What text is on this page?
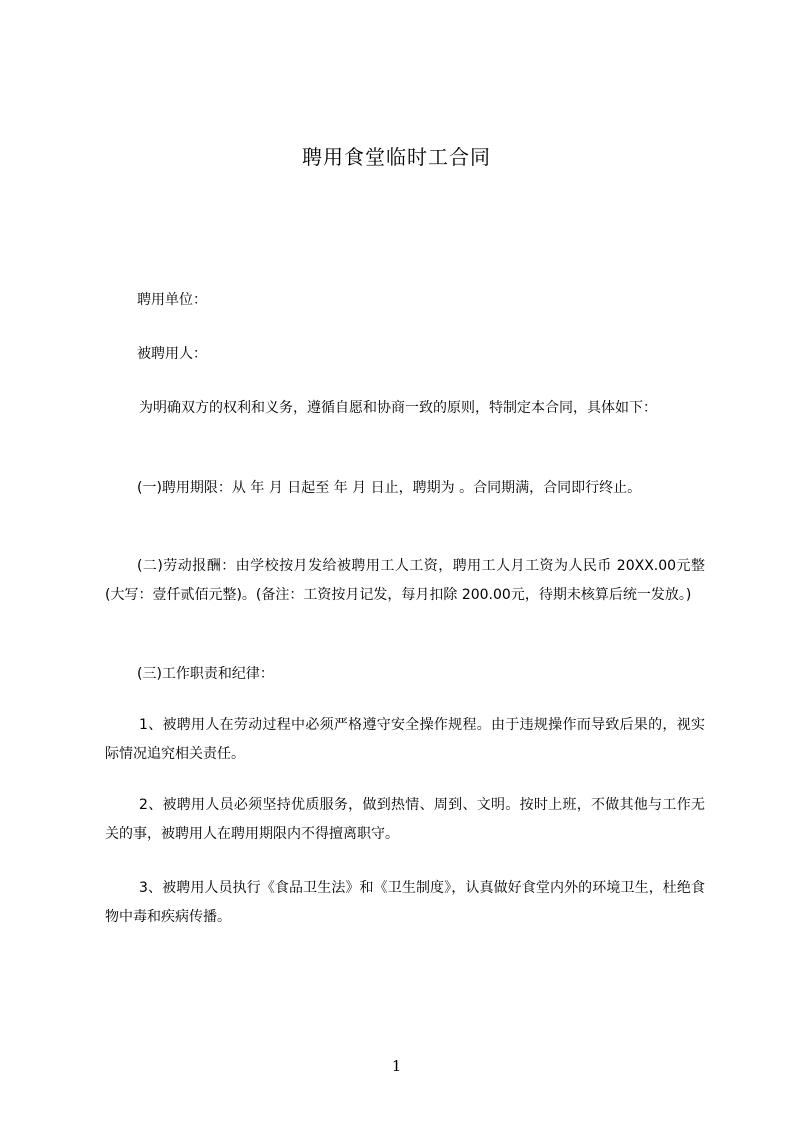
聘用食堂临时工合同
聘用单位：
被聘用人：
为明确双方的权利和义务，遵循自愿和协商一致的原则，特制定本合同，具体如下：
(一)聘用期限：从 年 月 日起至 年 月 日止，聘期为 。合同期满，合同即行终止。
(二)劳动报酬：由学校按月发给被聘用工人工资，聘用工人月工资为人民币 20XX.00元整(大写：壹仟贰佰元整)。(备注：工资按月记发，每月扣除 200.00元，待期未核算后统一发放。)
(三)工作职责和纪律：
1、被聘用人在劳动过程中必须严格遵守安全操作规程。由于违规操作而导致后果的，视实际情况追究相关责任。
2、被聘用人员必须坚持优质服务，做到热情、周到、文明。按时上班，不做其他与工作无关的事，被聘用人在聘用期限内不得擅离职守。
3、被聘用人员执行《食品卫生法》和《卫生制度》，认真做好食堂内外的环境卫生，杜绝食物中毒和疾病传播。
1
